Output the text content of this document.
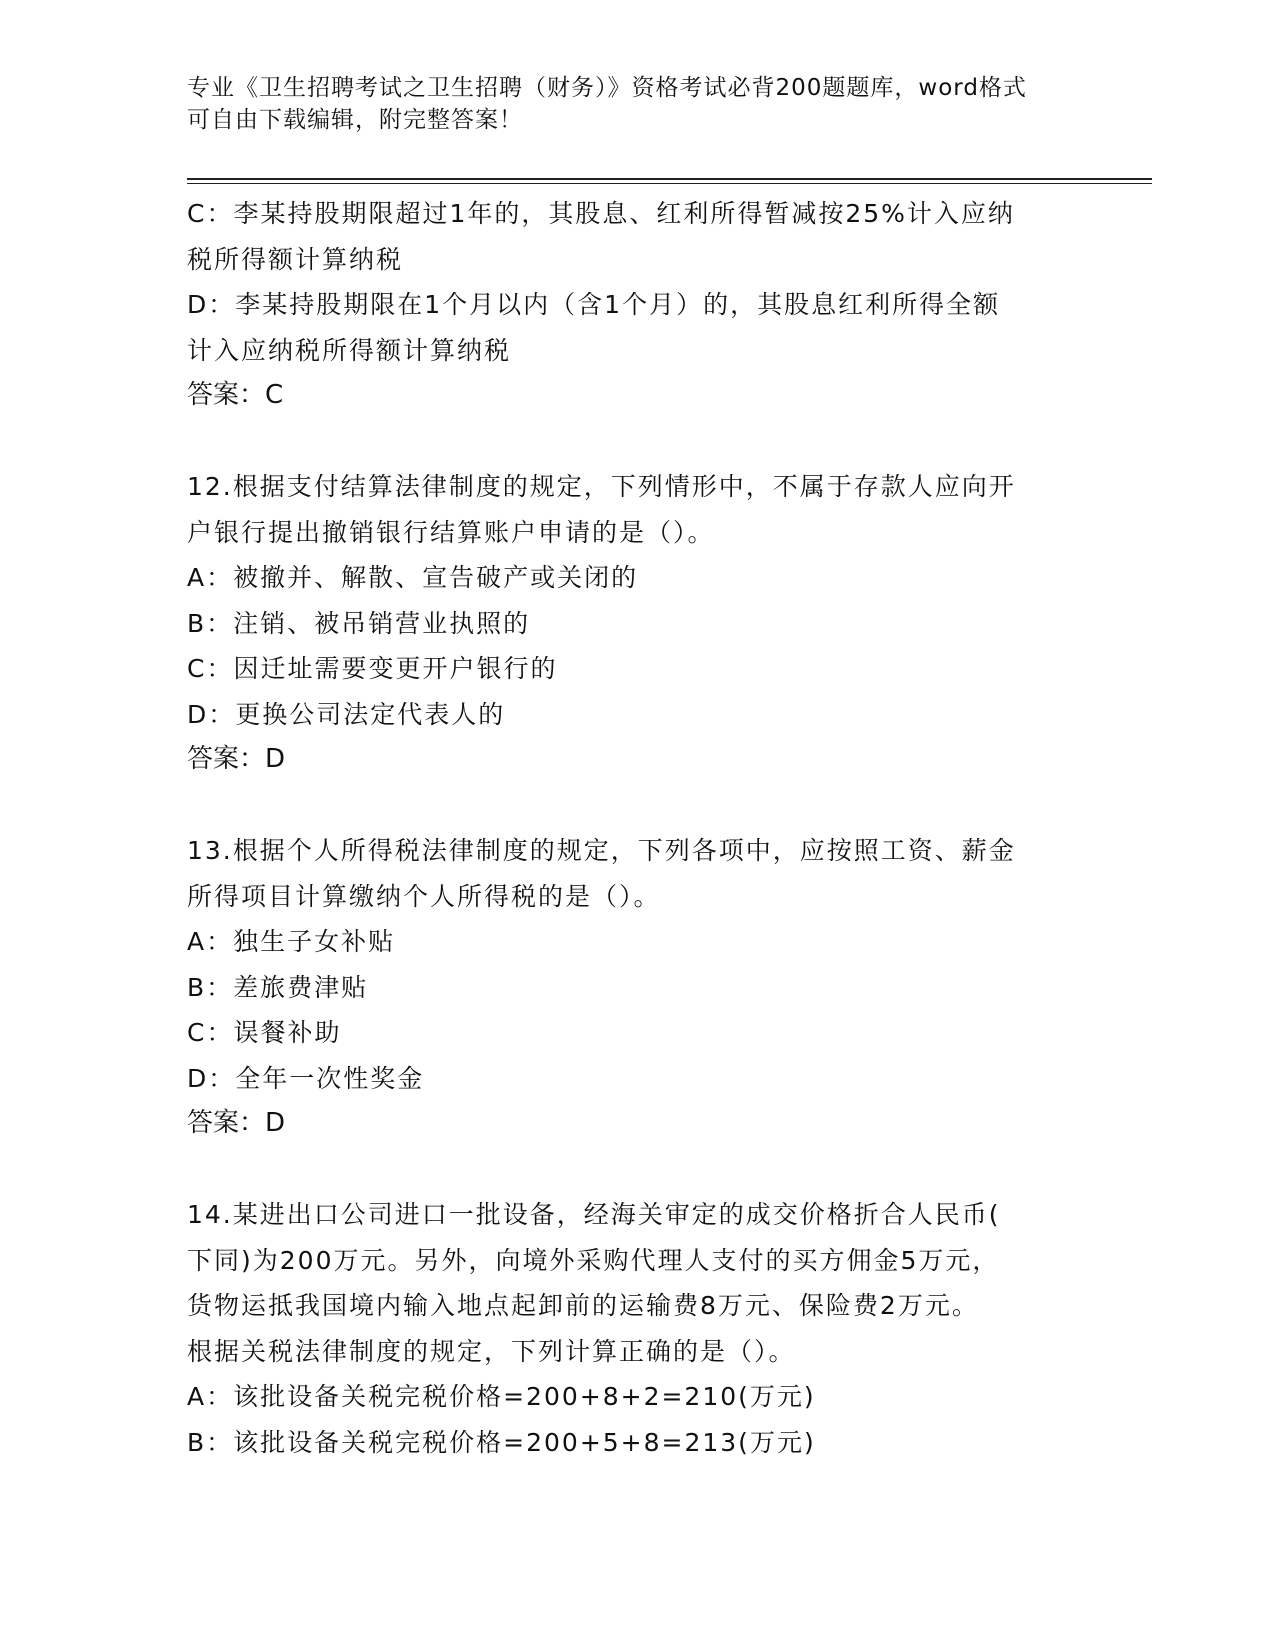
专业《卫生招聘考试之卫生招聘（财务）》资格考试必背200题题库，word格式
可自由下载编辑，附完整答案！
C：李某持股期限超过1年的，其股息、红利所得暂减按25%计入应纳
税所得额计算纳税
D：李某持股期限在1个月以内（含1个月）的，其股息红利所得全额
计入应纳税所得额计算纳税
答案：C
12.根据支付结算法律制度的规定，下列情形中，不属于存款人应向开
户银行提出撤销银行结算账户申请的是（）。
A：被撤并、解散、宣告破产或关闭的
B：注销、被吊销营业执照的
C：因迁址需要变更开户银行的
D：更换公司法定代表人的
答案：D
13.根据个人所得税法律制度的规定，下列各项中，应按照工资、薪金
所得项目计算缴纳个人所得税的是（）。
A：独生子女补贴
B：差旅费津贴
C：误餐补助
D：全年一次性奖金
答案：D
14.某进出口公司进口一批设备，经海关审定的成交价格折合人民币(
下同)为200万元。另外，向境外采购代理人支付的买方佣金5万元，
货物运抵我国境内输入地点起卸前的运输费8万元、保险费2万元。
根据关税法律制度的规定，下列计算正确的是（）。
A：该批设备关税完税价格=200+8+2=210(万元)
B：该批设备关税完税价格=200+5+8=213(万元)
